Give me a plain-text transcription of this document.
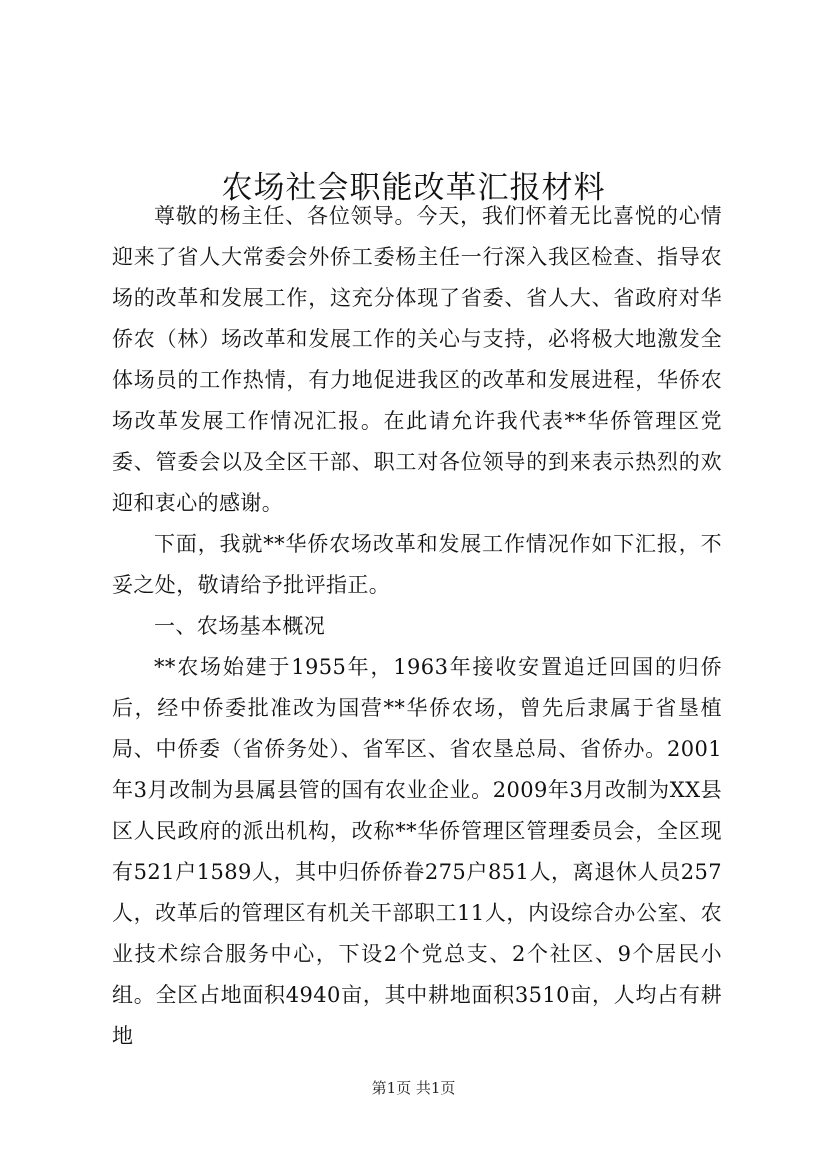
农场社会职能改革汇报材料

尊敬的杨主任、各位领导。今天，我们怀着无比喜悦的心情迎来了省人大常委会外侨工委杨主任一行深入我区检查、指导农场的改革和发展工作，这充分体现了省委、省人大、省政府对华侨农（林）场改革和发展工作的关心与支持，必将极大地激发全体场员的工作热情，有力地促进我区的改革和发展进程，华侨农场改革发展工作情况汇报。在此请允许我代表**华侨管理区党委、管委会以及全区干部、职工对各位领导的到来表示热烈的欢迎和衷心的感谢。

下面，我就**华侨农场改革和发展工作情况作如下汇报，不妥之处，敬请给予批评指正。

一、农场基本概况

**农场始建于1955年，1963年接收安置追迁回国的归侨后，经中侨委批准改为国营**华侨农场，曾先后隶属于省垦植局、中侨委（省侨务处）、省军区、省农垦总局、省侨办。2001年3月改制为县属县管的国有农业企业。2009年3月改制为XX县区人民政府的派出机构，改称**华侨管理区管理委员会，全区现有521户1589人，其中归侨侨眷275户851人，离退休人员257人，改革后的管理区有机关干部职工11人，内设综合办公室、农业技术综合服务中心，下设2个党总支、2个社区、9个居民小组。全区占地面积4940亩，其中耕地面积3510亩，人均占有耕地

第1页 共1页
